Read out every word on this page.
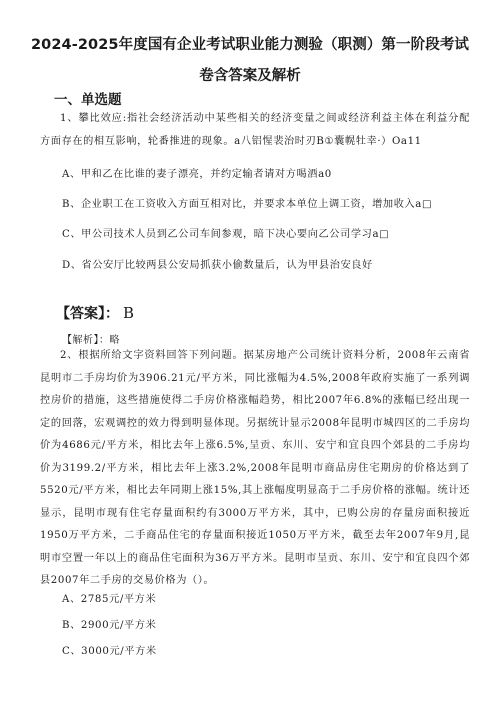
2024-2025年度国有企业考试职业能力测验（职测）第一阶段考试
卷含答案及解析
一、单选题
1、攀比效应:指社会经济活动中某些相关的经济变量之间或经济利益主体在利益分配方面存在的相互影响，轮番推进的现象。a八铝惺裴治时刃B①囊幌牡幸·）Oa11
A、甲和乙在比谁的妻子漂亮，并约定输者请对方喝酒a0
B、企业职工在工资收入方面互相对比，并要求本单位上调工资，增加收入a□
C、甲公司技术人员到乙公司车间参观，暗下决心要向乙公司学习a□
D、省公安厅比较两县公安局抓获小偷数量后，认为甲县治安良好
【答案】： B
【解析】：略
2、根据所给文字资料回答下列问题。据某房地产公司统计资料分析，2008年云南省昆明市二手房均价为3906.21元/平方米，同比涨幅为4.5%,2008年政府实施了一系列调控房价的措施，这些措施使得二手房价格涨幅趋势，相比2007年6.8%的涨幅已经出现一定的回落，宏观调控的效力得到明显体现。另据统计显示2008年昆明市城四区的二手房均价为4686元/平方米，相比去年上涨6.5%,呈贡、东川、安宁和宜良四个郊县的二手房均价为3199.2/平方米，相比去年上涨3.2%,2008年昆明市商品房住宅期房的价格达到了5520元/平方米，相比去年同期上涨15%,其上涨幅度明显高于二手房价格的涨幅。统计还显示，昆明市现有住宅存量面积约有3000万平方米，其中，已购公房的存量房面积接近1950万平方米，二手商品住宅的存量面积接近1050万平方米，截至去年2007年9月,昆明市空置一年以上的商品住宅面积为36万平方米。昆明市呈贡、东川、安宁和宜良四个郊县2007年二手房的交易价格为（）。
A、2785元/平方米
B、2900元/平方米
C、3000元/平方米
